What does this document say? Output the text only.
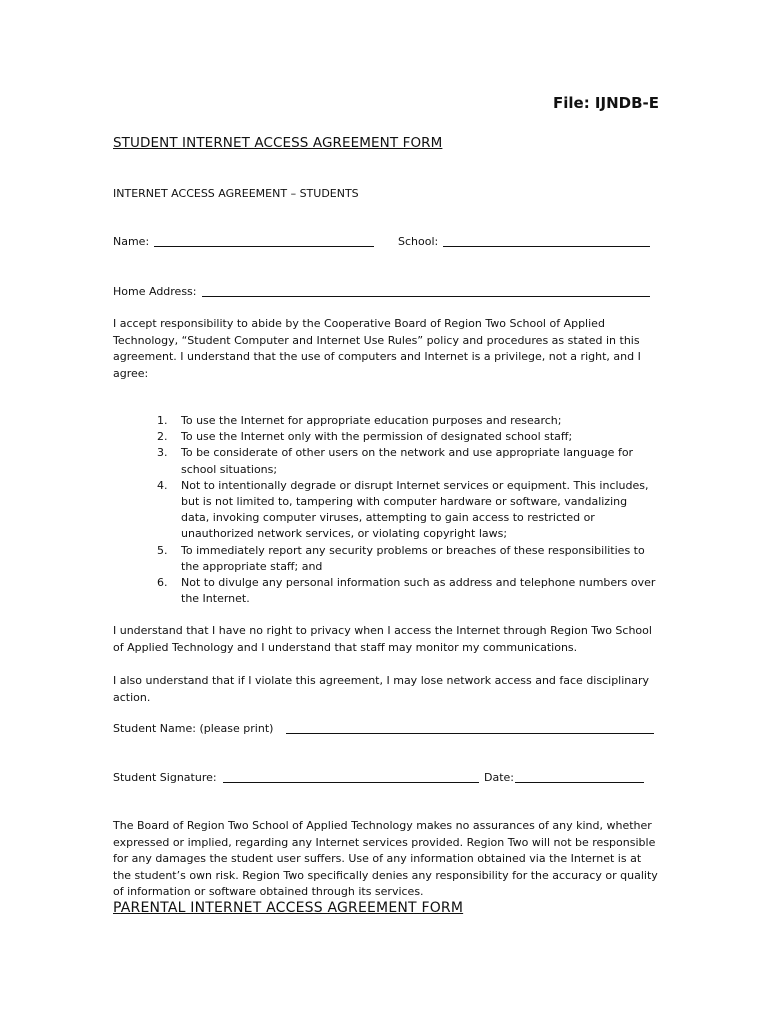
File: IJNDB-E
STUDENT INTERNET ACCESS AGREEMENT FORM
INTERNET ACCESS AGREEMENT – STUDENTS
Name:	School:
Home Address:
I accept responsibility to abide by the Cooperative Board of Region Two School of Applied Technology, “Student Computer and Internet Use Rules” policy and procedures as stated in this agreement. I understand that the use of computers and Internet is a privilege, not a right, and I agree:
1. To use the Internet for appropriate education purposes and research;
2. To use the Internet only with the permission of designated school staff;
3. To be considerate of other users on the network and use appropriate language for school situations;
4. Not to intentionally degrade or disrupt Internet services or equipment. This includes, but is not limited to, tampering with computer hardware or software, vandalizing data, invoking computer viruses, attempting to gain access to restricted or unauthorized network services, or violating copyright laws;
5. To immediately report any security problems or breaches of these responsibilities to the appropriate staff; and
6. Not to divulge any personal information such as address and telephone numbers over the Internet.
I understand that I have no right to privacy when I access the Internet through Region Two School of Applied Technology and I understand that staff may monitor my communications.
I also understand that if I violate this agreement, I may lose network access and face disciplinary action.
Student Name: (please print)
Student Signature:	Date:
The Board of Region Two School of Applied Technology makes no assurances of any kind, whether expressed or implied, regarding any Internet services provided. Region Two will not be responsible for any damages the student user suffers. Use of any information obtained via the Internet is at the student’s own risk. Region Two specifically denies any responsibility for the accuracy or quality of information or software obtained through its services.
PARENTAL INTERNET ACCESS AGREEMENT FORM
